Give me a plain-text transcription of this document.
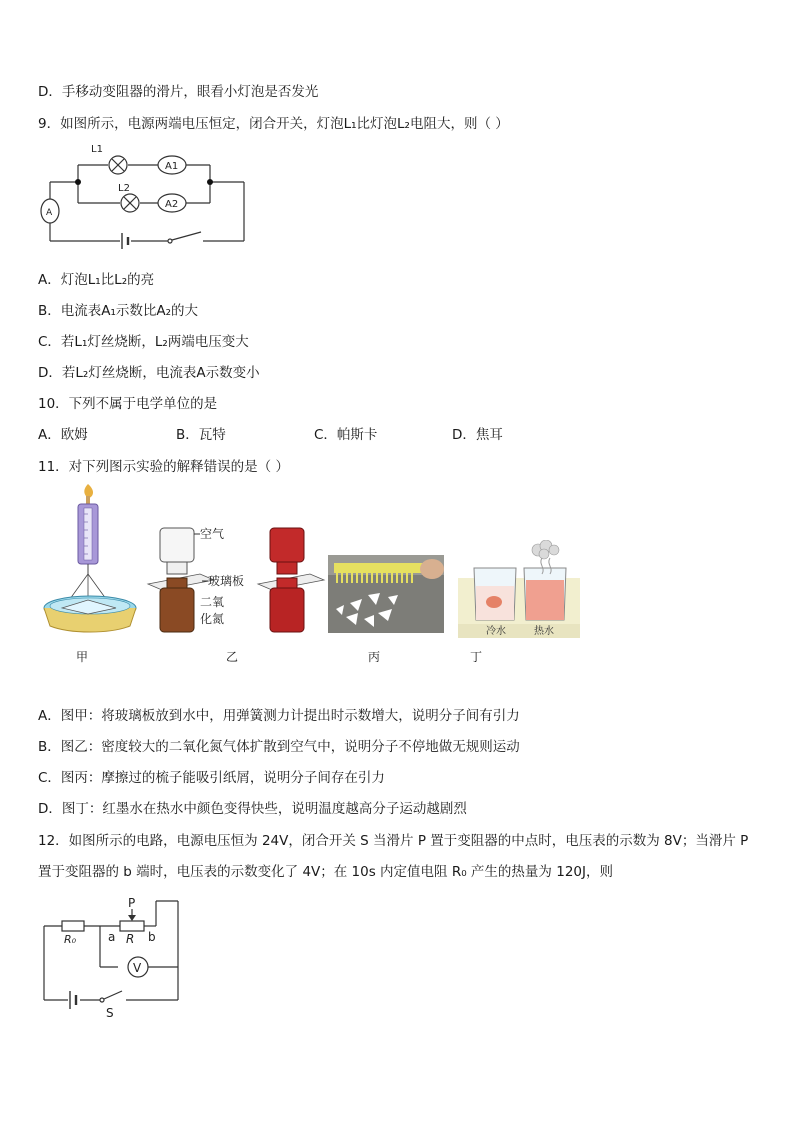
D．手移动变阻器的滑片，眼看小灯泡是否发光
9．如图所示，电源两端电压恒定，闭合开关，灯泡L₁比灯泡L₂电阻大，则（ ）
L1
L2
A1
A2
A
A．灯泡L₁比L₂的亮
B．电流表A₁示数比A₂的大
C．若L₁灯丝烧断，L₂两端电压变大
D．若L₂灯丝烧断，电流表A示数变小
10．下列不属于电学单位的是
A．欧姆	B．瓦特	C．帕斯卡	D．焦耳
11．对下列图示实验的解释错误的是（ ）
空气
玻璃板
二氧
化氮
冷水	热水
甲	乙	丙	丁
A．图甲：将玻璃板放到水中，用弹簧测力计提出时示数增大，说明分子间有引力
B．图乙：密度较大的二氧化氮气体扩散到空气中，说明分子不停地做无规则运动
C．图丙：摩擦过的梳子能吸引纸屑，说明分子间存在引力
D．图丁：红墨水在热水中颜色变得快些，说明温度越高分子运动越剧烈
12．如图所示的电路，电源电压恒为 24V，闭合开关 S 当滑片 P 置于变阻器的中点时，电压表的示数为 8V；当滑片 P
置于变阻器的 b 端时，电压表的示数变化了 4V；在 10s 内定值电阻 R₀ 产生的热量为 120J，则
P
R₀	a R b
V
S
